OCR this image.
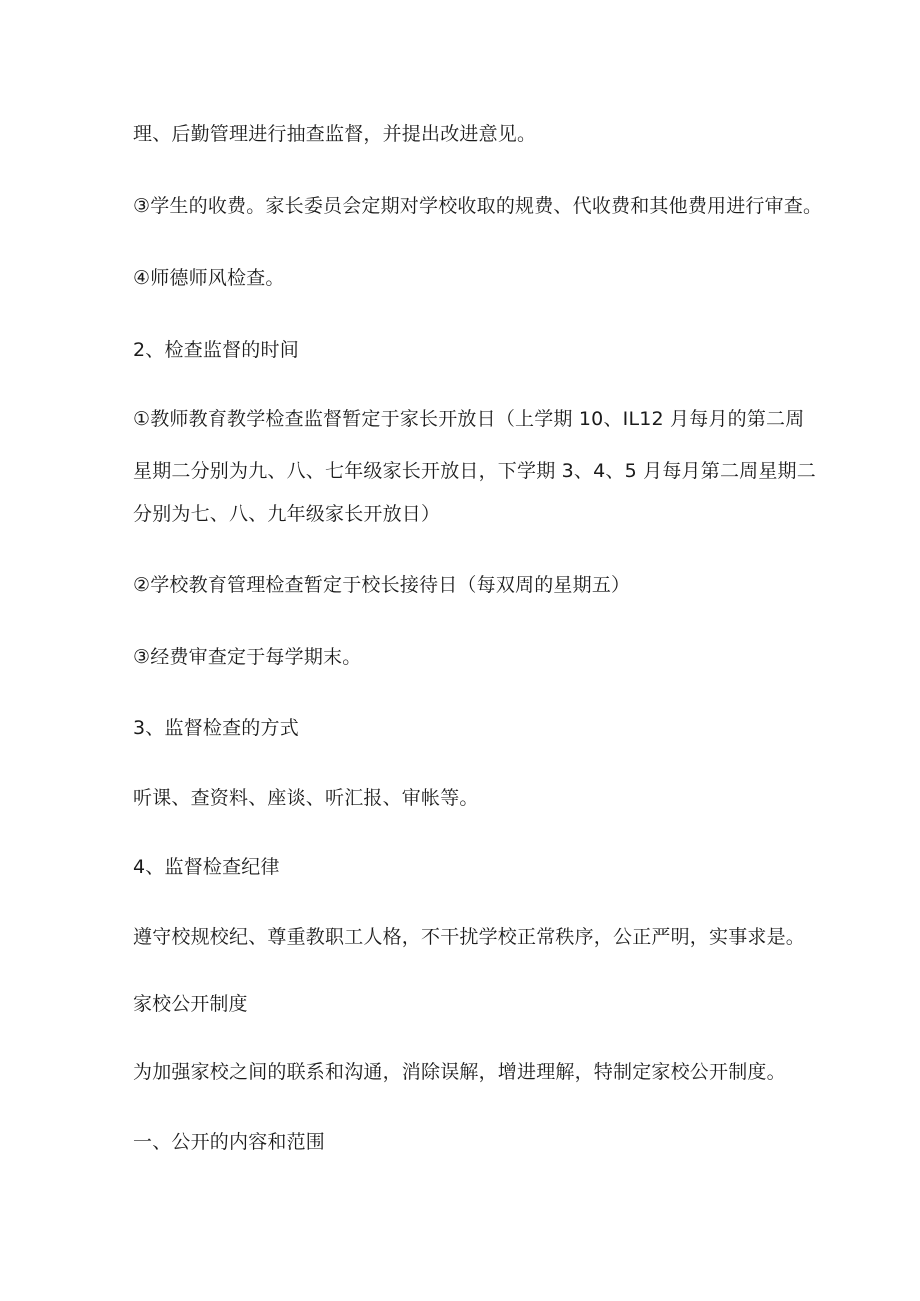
理、后勤管理进行抽查监督，并提出改进意见。
③学生的收费。家长委员会定期对学校收取的规费、代收费和其他费用进行审查。
④师德师风检查。
2、检查监督的时间
①教师教育教学检查监督暂定于家长开放日（上学期 10、IL12 月每月的第二周
星期二分别为九、八、七年级家长开放日，下学期 3、4、5 月每月第二周星期二
分别为七、八、九年级家长开放日）
②学校教育管理检查暂定于校长接待日（每双周的星期五）
③经费审查定于每学期末。
3、监督检查的方式
听课、查资料、座谈、听汇报、审帐等。
4、监督检查纪律
遵守校规校纪、尊重教职工人格，不干扰学校正常秩序，公正严明，实事求是。
家校公开制度
为加强家校之间的联系和沟通，消除误解，增进理解，特制定家校公开制度。
一、公开的内容和范围
